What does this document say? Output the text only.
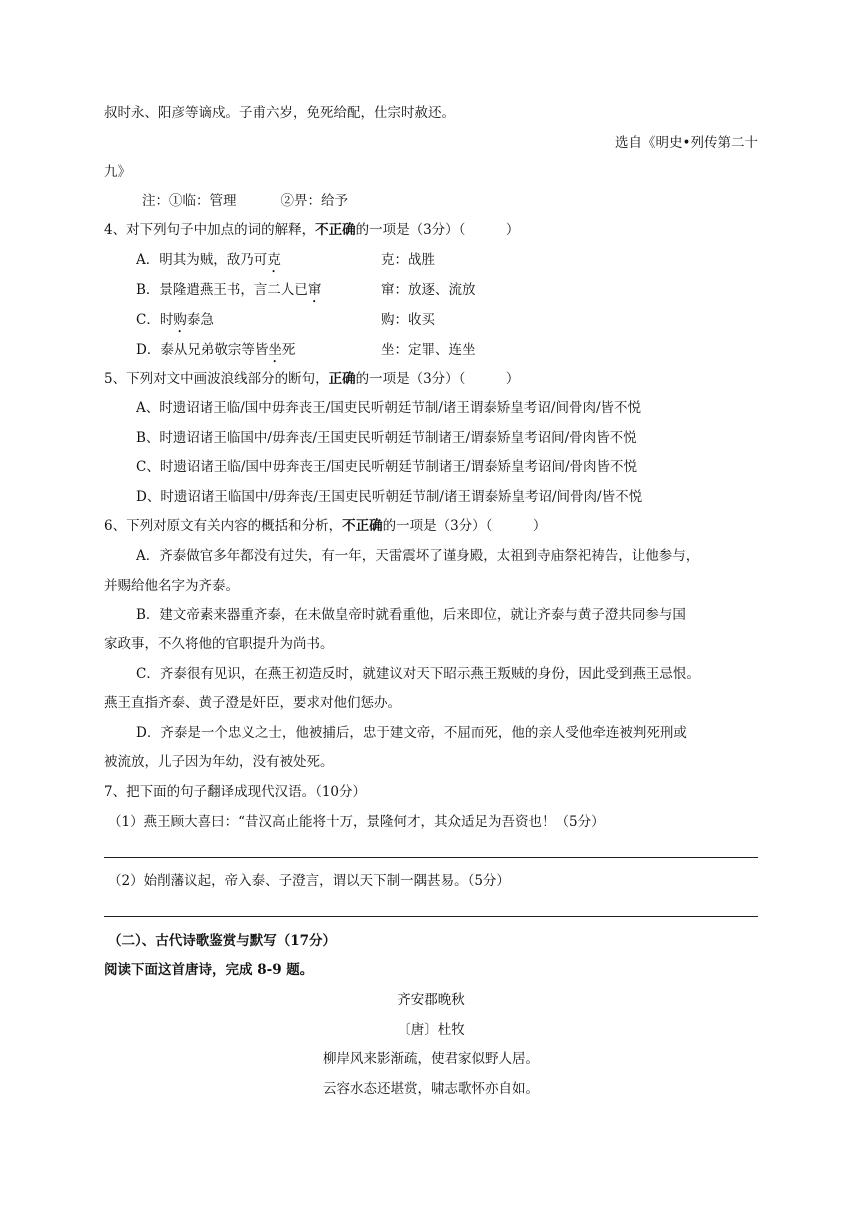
叔时永、阳彦等谪戍。子甫六岁，免死给配，仕宗时赦还。
选自《明史•列传第二十
九》
注：①临：管理	②畀：给予
4、对下列句子中加点的词的解释，不正确的一项是（3分）（　　　）
A．明其为贼，敌乃可克	克：战胜
B．景隆遣燕王书，言二人已窜	窜：放逐、流放
C．时购泰急	购：收买
D．泰从兄弟敬宗等皆坐死	坐：定罪、连坐
5、下列对文中画波浪线部分的断句，正确的一项是（3分）（　　　）
A、时遗诏诸王临/国中毋奔丧王/国吏民听朝廷节制/诸王谓泰矫皇考诏/间骨肉/皆不悦
B、时遗诏诸王临国中/毋奔丧/王国吏民听朝廷节制诸王/谓泰矫皇考诏间/骨肉皆不悦
C、时遗诏诸王临/国中毋奔丧王/国吏民听朝廷节制诸王/谓泰矫皇考诏间/骨肉皆不悦
D、时遗诏诸王临国中/毋奔丧/王国吏民听朝廷节制/诸王谓泰矫皇考诏/间骨肉/皆不悦
6、下列对原文有关内容的概括和分析，不正确的一项是（3分）（　　　）
A．齐泰做官多年都没有过失，有一年，天雷震坏了谨身殿，太祖到寺庙祭祀祷告，让他参与，
并赐给他名字为齐泰。
B．建文帝素来器重齐泰，在未做皇帝时就看重他，后来即位，就让齐泰与黄子澄共同参与国
家政事，不久将他的官职提升为尚书。
C．齐泰很有见识，在燕王初造反时，就建议对天下昭示燕王叛贼的身份，因此受到燕王忌恨。
燕王直指齐泰、黄子澄是奸臣，要求对他们惩办。
D．齐泰是一个忠义之士，他被捕后，忠于建文帝，不屈而死，他的亲人受他牵连被判死刑或
被流放，儿子因为年幼，没有被处死。
7、把下面的句子翻译成现代汉语。（10分）
（1）燕王顾大喜曰：“昔汉高止能将十万，景隆何才，其众适足为吾资也！（5分）
（2）始削藩议起，帝入泰、子澄言，谓以天下制一隅甚易。（5分）
（二）、古代诗歌鉴赏与默写（17分）
阅读下面这首唐诗，完成 8-9 题。
齐安郡晚秋
〔唐〕杜牧
柳岸风来影渐疏，使君家似野人居。
云容水态还堪赏，啸志歌怀亦自如。
